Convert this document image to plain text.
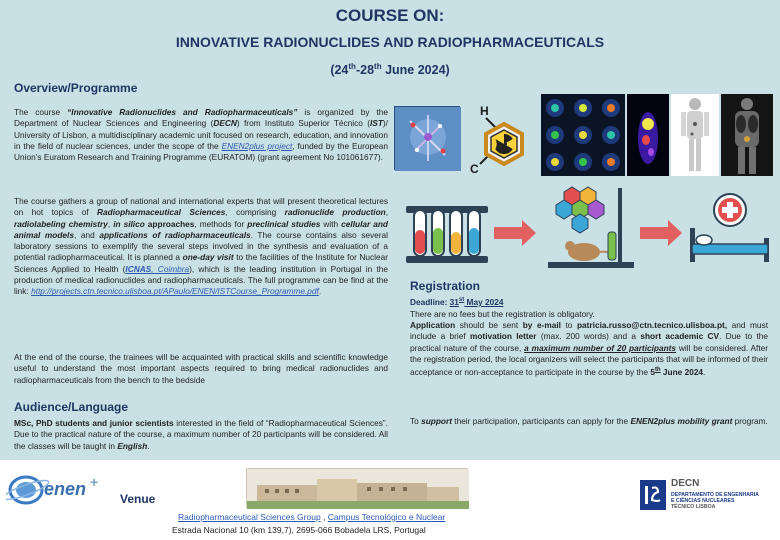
COURSE ON:
INNOVATIVE RADIONUCLIDES AND RADIOPHARMACEUTICALS
(24th-28th June 2024)
Overview/Programme
The course “Innovative Radionuclides and Radiopharmaceuticals” is organized by the Department of Nuclear Sciences and Engineering (DECN) from Instituto Superior Técnico (IST)/ University of Lisbon, a multidisciplinary academic unit focused on research, education, and innovation in the field of nuclear sciences, under the scope of the ENEN2plus project, funded by the European Union’s Euratom Research and Training Programme (EURATOM) (grant agreement No 101061677).
The course gathers a group of national and international experts that will present theoretical lectures on hot topics of Radiopharmaceutical Sciences, comprising radionuclide production, radiolabeling chemistry, in silico approaches, methods for preclinical studies with cellular and animal models, and applications of radiopharmaceuticals. The course contains also several laboratory sessions to exemplify the several steps involved in the synthesis and evaluation of a potential radiopharmaceutical. It is planned a one-day visit to the facilities of the Institute for Nuclear Sciences Applied to Health (ICNAS, Coimbra), which is the leading institution in Portugal in the production of medical radionuclides and radiopharmaceuticals. The full programme can be find at the link: http://projects.ctn.tecnico.ulisboa.pt/APaulo/ENEN/ISTCourse_Programme.pdf.
At the end of the course, the trainees will be acquainted with practical skills and scientific knowledge useful to understand the most important aspects required to bring medical radionuclides and radiopharmaceuticals from the bench to the bedside
Audience/Language
MSc, PhD students and junior scientists interested in the field of “Radiopharmaceutical Sciences”. Due to the practical nature of the course, a maximum number of 20 participants will be considered. All the classes will be taught in English.
H
C
Registration
Deadline: 31st May 2024
There are no fees but the registration is obligatory.
Application should be sent by e-mail to patricia.russo@ctn.tecnico.ulisboa.pt, and must include a brief motivation letter (max. 200 words) and a short academic CV. Due to the practical nature of the course, a maximum number of 20 participants will be considered. After the registration period, the local organizers will select the participants that will be informed of their acceptance or non-acceptance to participate in the course by the 5th June 2024.
To support their participation, participants can apply for the ENEN2plus mobility grant program.
enen +
Venue
Radiopharmaceutical Sciences Group , Campus Tecnológico e Nuclear
Estrada Nacional 10 (km 139,7), 2695-066 Bobadela LRS, Portugal
DECN
DEPARTAMENTO DE ENGENHARIA
E CIÊNCIAS NUCLEARES
TÉCNICO LISBOA
